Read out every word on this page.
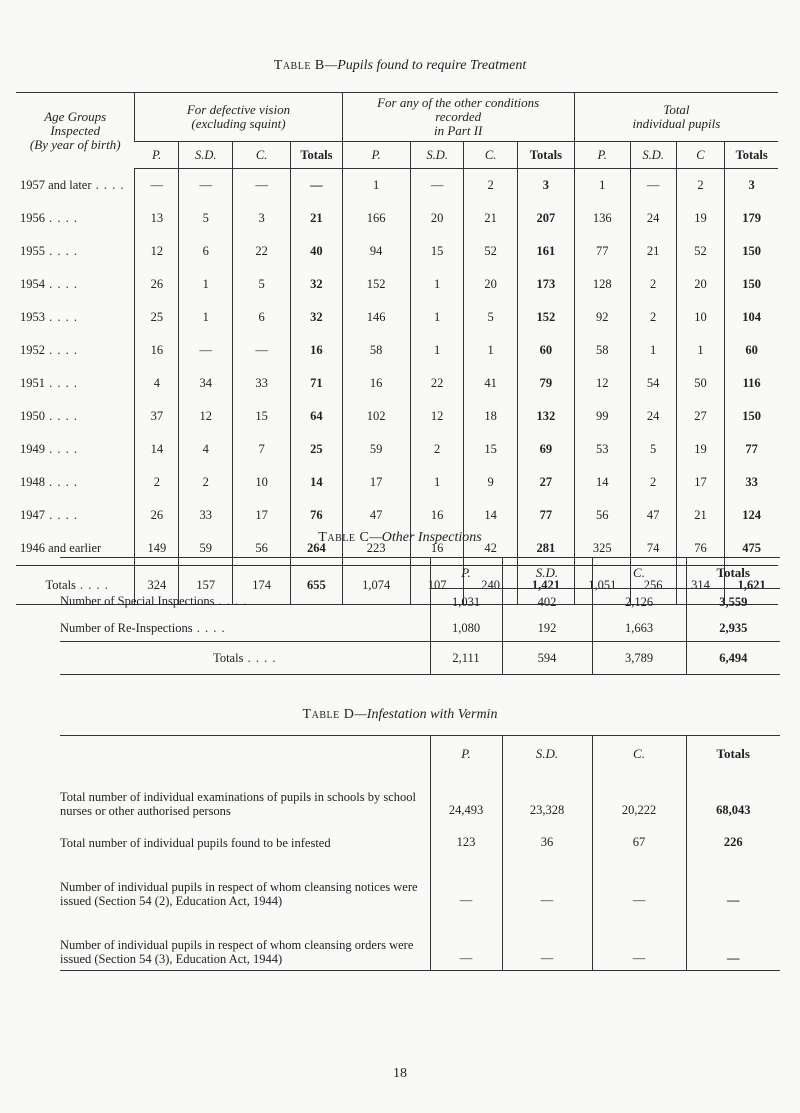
Table B—Pupils found to require Treatment
Age Groups
Inspected
(By year of birth)	For defective vision
(excluding squint)				For any of the other conditions
recorded
in Part II				Total
individual pupils			
	P.	S.D.	C.	Totals	P.	S.D.	C.	Totals	P.	S.D.	C	Totals
1957 and later . .	—	—	—	—	1	—	2	3	1	—	2	3
1956 . .	13	5	3	21	166	20	21	207	136	24	19	179
1955 . .	12	6	22	40	94	15	52	161	77	21	52	150
1954 . .	26	1	5	32	152	1	20	173	128	2	20	150
1953 . .	25	1	6	32	146	1	5	152	92	2	10	104
1952 . .	16	—	—	16	58	1	1	60	58	1	1	60
1951 . .	4	34	33	71	16	22	41	79	12	54	50	116
1950 . .	37	12	15	64	102	12	18	132	99	24	27	150
1949 . .	14	4	7	25	59	2	15	69	53	5	19	77
1948 . .	2	2	10	14	17	1	9	27	14	2	17	33
1947 . .	26	33	17	76	47	16	14	77	56	47	21	124
1946 and earlier	149	59	56	264	223	16	42	281	325	74	76	475
Totals . .	324	157	174	655	1,074	107	240	1,421	1,051	256	314	1,621
Table C—Other Inspections
	P.	S.D.	C.	Totals
Number of Special Inspections . .	1,031	402	2,126	3,559
Number of Re-Inspections . .	1,080	192	1,663	2,935
Totals . .	2,111	594	3,789	6,494
Table D—Infestation with Vermin
	P.	S.D.	C.	Totals
Total number of individual examinations of pupils in schools by school nurses or other authorised persons	24,493	23,328	20,222	68,043
Total number of individual pupils found to be infested	123	36	67	226
Number of individual pupils in respect of whom cleansing notices were issued (Section 54 (2), Education Act, 1944)	—	—	—	—
Number of individual pupils in respect of whom cleansing orders were issued (Section 54 (3), Education Act, 1944)	—	—	—	—
18
